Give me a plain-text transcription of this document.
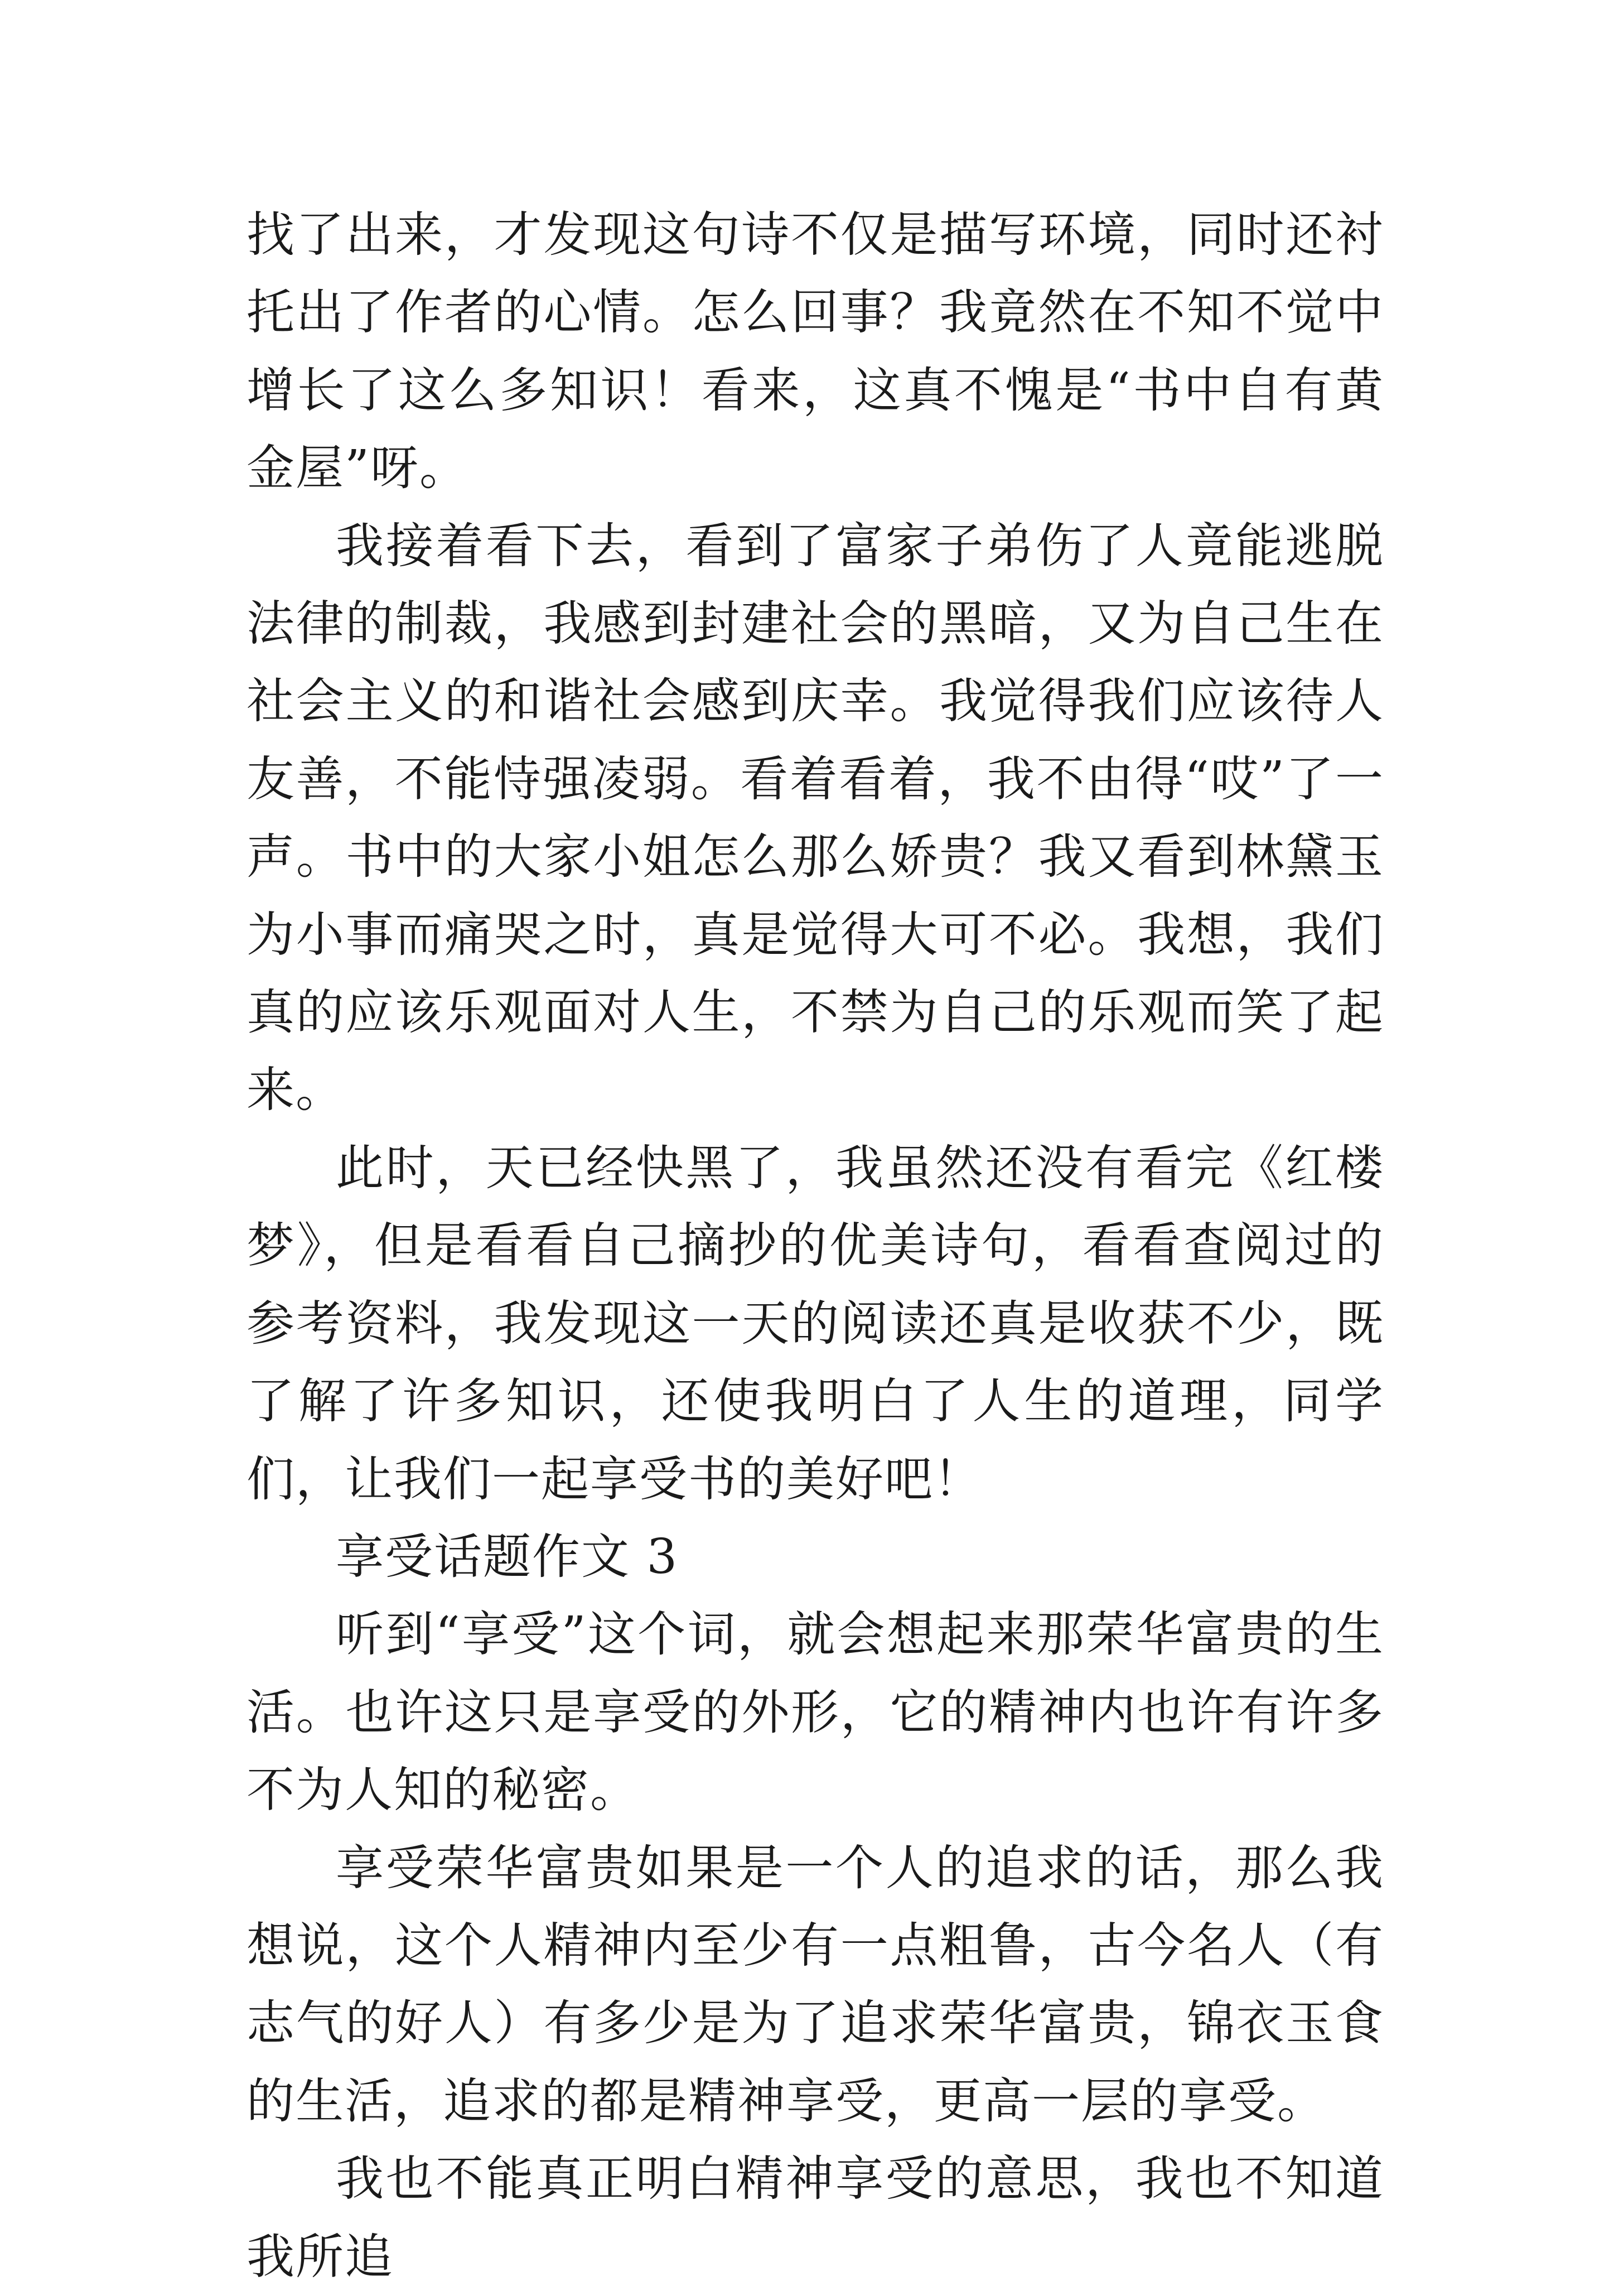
找了出来，才发现这句诗不仅是描写环境，同时还衬托出了作者的心情。怎么回事？我竟然在不知不觉中增长了这么多知识！看来，这真不愧是“书中自有黄金屋”呀。

我接着看下去，看到了富家子弟伤了人竟能逃脱法律的制裁，我感到封建社会的黑暗，又为自己生在社会主义的和谐社会感到庆幸。我觉得我们应该待人友善，不能恃强凌弱。看着看着，我不由得“哎”了一声。书中的大家小姐怎么那么娇贵？我又看到林黛玉为小事而痛哭之时，真是觉得大可不必。我想，我们真的应该乐观面对人生，不禁为自己的乐观而笑了起来。

此时，天已经快黑了，我虽然还没有看完《红楼梦》，但是看看自己摘抄的优美诗句，看看查阅过的参考资料，我发现这一天的阅读还真是收获不少，既了解了许多知识，还使我明白了人生的道理，同学们，让我们一起享受书的美好吧！

享受话题作文 3

听到“享受”这个词，就会想起来那荣华富贵的生活。也许这只是享受的外形，它的精神内也许有许多不为人知的秘密。

享受荣华富贵如果是一个人的追求的话，那么我想说，这个人精神内至少有一点粗鲁，古今名人（有志气的好人）有多少是为了追求荣华富贵，锦衣玉食的生活，追求的都是精神享受，更高一层的享受。

我也不能真正明白精神享受的意思，我也不知道我所追
